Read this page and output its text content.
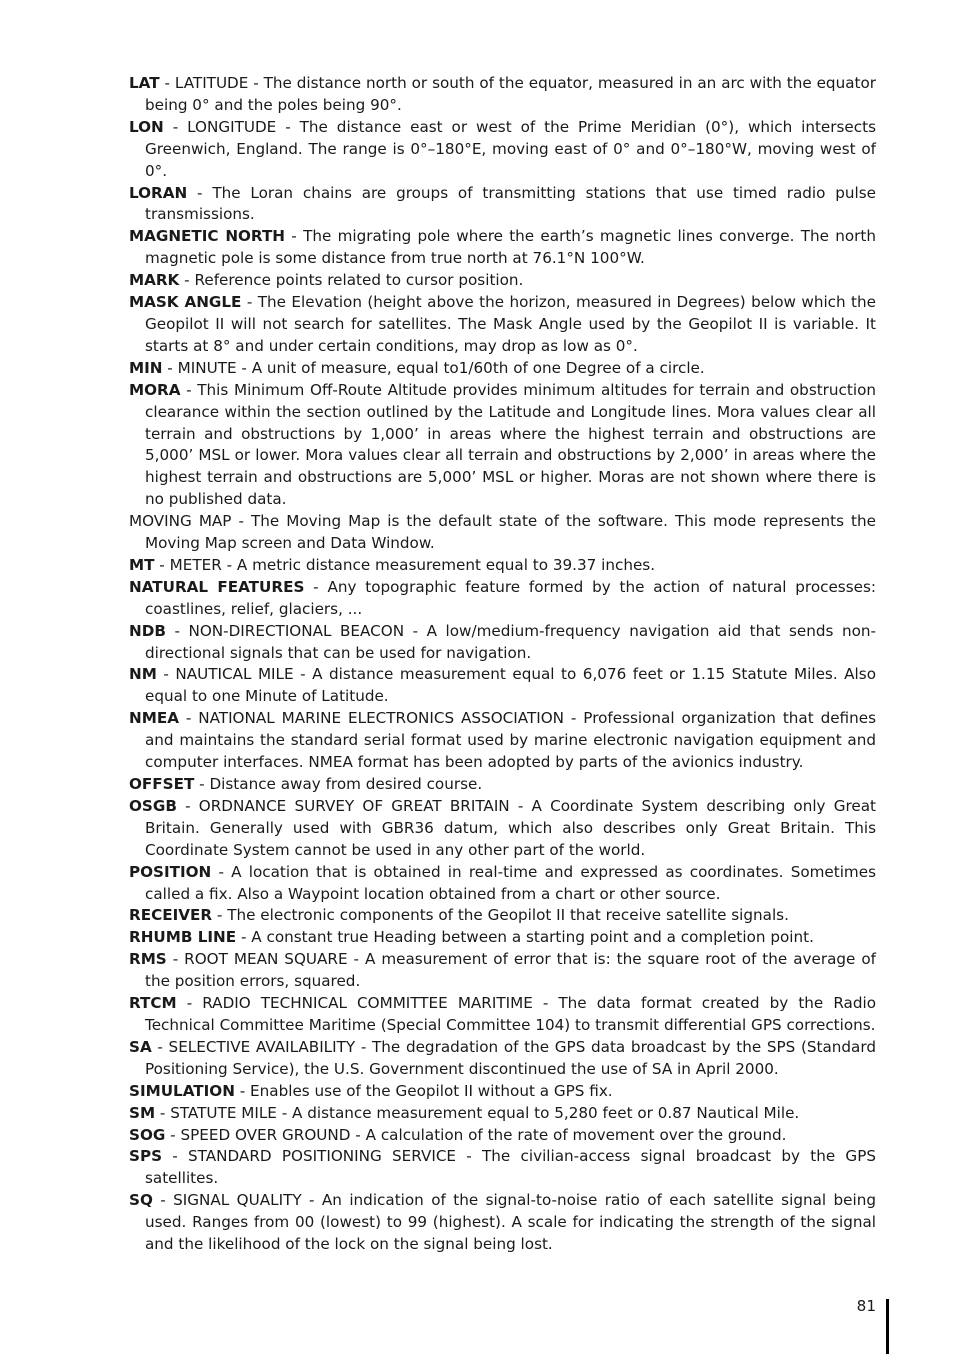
LAT - LATITUDE - The distance north or south of the equator, measured in an arc with the equator being 0° and the poles being 90°.

LON - LONGITUDE - The distance east or west of the Prime Meridian (0°), which intersects Greenwich, England. The range is 0°–180°E, moving east of 0° and 0°–180°W, moving west of 0°.

LORAN - The Loran chains are groups of transmitting stations that use timed radio pulse transmissions.

MAGNETIC NORTH - The migrating pole where the earth’s magnetic lines converge. The north magnetic pole is some distance from true north at 76.1°N 100°W.

MARK - Reference points related to cursor position.

MASK ANGLE - The Elevation (height above the horizon, measured in Degrees) below which the Geopilot II will not search for satellites. The Mask Angle used by the Geopilot II is variable. It starts at 8° and under certain conditions, may drop as low as 0°.

MIN - MINUTE - A unit of measure, equal to1/60th of one Degree of a circle.

MORA - This Minimum Off-Route Altitude provides minimum altitudes for terrain and obstruction clearance within the section outlined by the Latitude and Longitude lines. Mora values clear all terrain and obstructions by 1,000’ in areas where the highest terrain and obstructions are 5,000’ MSL or lower. Mora values clear all terrain and obstructions by 2,000’ in areas where the highest terrain and obstructions are 5,000’ MSL or higher. Moras are not shown where there is no published data.

MOVING MAP - The Moving Map is the default state of the software. This mode represents the Moving Map screen and Data Window.

MT - METER - A metric distance measurement equal to 39.37 inches.

NATURAL FEATURES - Any topographic feature formed by the action of natural processes: coastlines, relief, glaciers, ...

NDB - NON-DIRECTIONAL BEACON - A low/medium-frequency navigation aid that sends non-directional signals that can be used for navigation.

NM - NAUTICAL MILE - A distance measurement equal to 6,076 feet or 1.15 Statute Miles. Also equal to one Minute of Latitude.

NMEA - NATIONAL MARINE ELECTRONICS ASSOCIATION - Professional organization that defines and maintains the standard serial format used by marine electronic navigation equipment and computer interfaces. NMEA format has been adopted by parts of the avionics industry.

OFFSET - Distance away from desired course.

OSGB - ORDNANCE SURVEY OF GREAT BRITAIN - A Coordinate System describing only Great Britain. Generally used with GBR36 datum, which also describes only Great Britain. This Coordinate System cannot be used in any other part of the world.

POSITION - A location that is obtained in real-time and expressed as coordinates. Sometimes called a fix. Also a Waypoint location obtained from a chart or other source.

RECEIVER - The electronic components of the Geopilot II that receive satellite signals.

RHUMB LINE - A constant true Heading between a starting point and a completion point.

RMS - ROOT MEAN SQUARE - A measurement of error that is: the square root of the average of the position errors, squared.

RTCM - RADIO TECHNICAL COMMITTEE MARITIME - The data format created by the Radio Technical Committee Maritime (Special Committee 104) to transmit differential GPS corrections.

SA - SELECTIVE AVAILABILITY - The degradation of the GPS data broadcast by the SPS (Standard Positioning Service), the U.S. Government discontinued the use of SA in April 2000.

SIMULATION - Enables use of the Geopilot II without a GPS fix.

SM - STATUTE MILE - A distance measurement equal to 5,280 feet or 0.87 Nautical Mile.

SOG - SPEED OVER GROUND - A calculation of the rate of movement over the ground.

SPS - STANDARD POSITIONING SERVICE - The civilian-access signal broadcast by the GPS satellites.

SQ - SIGNAL QUALITY - An indication of the signal-to-noise ratio of each satellite signal being used. Ranges from 00 (lowest) to 99 (highest). A scale for indicating the strength of the signal and the likelihood of the lock on the signal being lost.

81
